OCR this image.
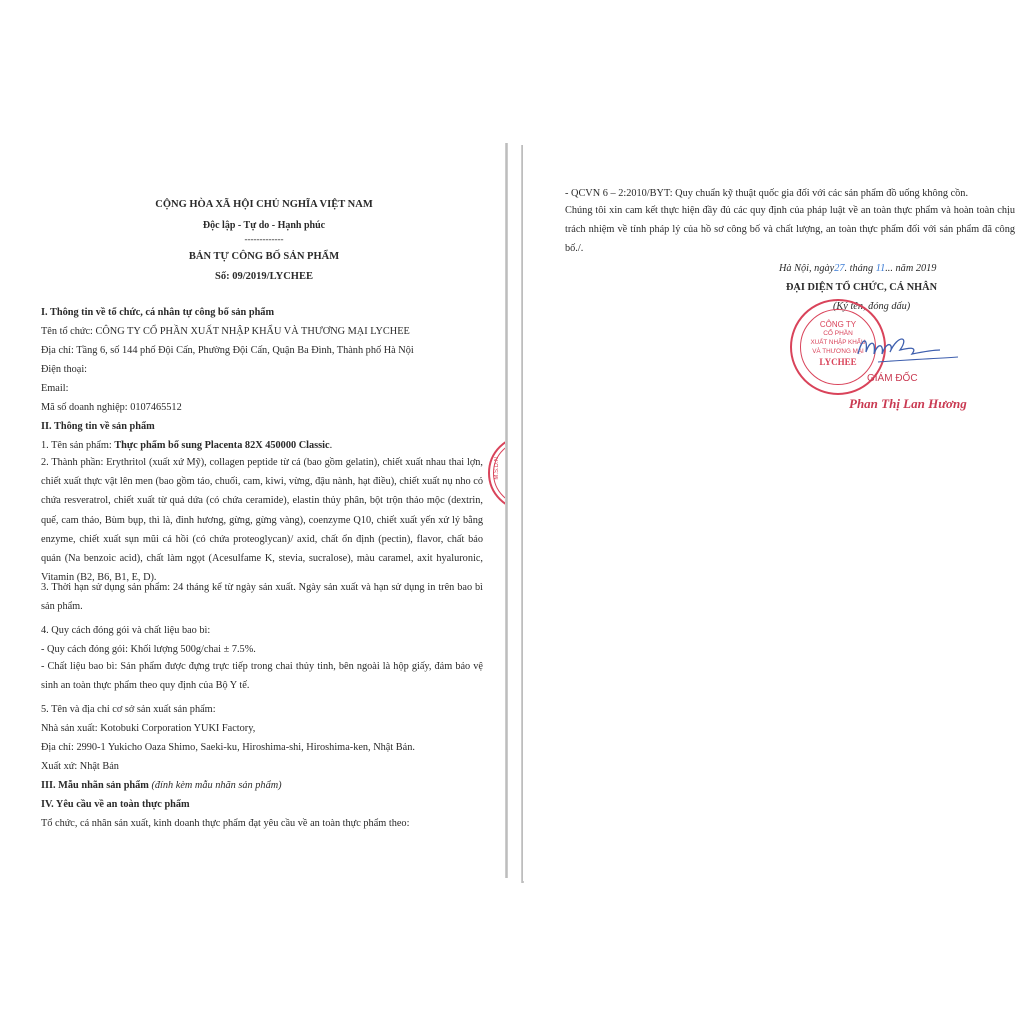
CỘNG HÒA XÃ HỘI CHỦ NGHĨA VIỆT NAM
Độc lập - Tự do - Hạnh phúc
-------------
BẢN TỰ CÔNG BỐ SẢN PHẨM
Số: 09/2019/LYCHEE
I. Thông tin về tổ chức, cá nhân tự công bố sản phẩm
Tên tổ chức: CÔNG TY CỔ PHẦN XUẤT NHẬP KHẨU VÀ THƯƠNG MẠI LYCHEE
Địa chỉ: Tầng 6, số 144 phố Đội Cấn, Phường Đội Cấn, Quận Ba Đình, Thành phố Hà Nội
Điện thoại:
Email:
Mã số doanh nghiệp: 0107465512
II. Thông tin về sản phẩm
1. Tên sản phẩm: Thực phẩm bổ sung Placenta 82X 450000 Classic.
2. Thành phần: Erythritol (xuất xứ Mỹ), collagen peptide từ cá (bao gồm gelatin), chiết xuất nhau thai lợn, chiết xuất thực vật lên men (bao gồm táo, chuối, cam, kiwi, vừng, đậu nành, hạt điều), chiết xuất nụ nho có chứa resveratrol, chiết xuất từ quả dứa (có chứa ceramide), elastin thủy phân, bột trộn thảo mộc (dextrin, quế, cam thảo, Bùm bụp, thì là, đinh hương, gừng, gừng vàng), coenzyme Q10, chiết xuất yến xử lý bằng enzyme, chiết xuất sụn mũi cá hồi (có chứa proteoglycan)/ axid, chất ổn định (pectin), flavor, chất bảo quản (Na benzoic acid), chất làm ngọt (Acesulfame K, stevia, sucralose), màu caramel, axit hyaluronic, Vitamin (B2, B6, B1, E, D).
3. Thời hạn sử dụng sản phẩm: 24 tháng kể từ ngày sản xuất. Ngày sản xuất và hạn sử dụng in trên bao bì sản phẩm.
4. Quy cách đóng gói và chất liệu bao bì:
- Quy cách đóng gói: Khối lượng 500g/chai ± 7.5%.
- Chất liệu bao bì: Sản phẩm được đựng trực tiếp trong chai thủy tinh, bên ngoài là hộp giấy, đảm bảo vệ sinh an toàn thực phẩm theo quy định của Bộ Y tế.
5. Tên và địa chỉ cơ sở sản xuất sản phẩm:
Nhà sản xuất: Kotobuki Corporation YUKI Factory,
Địa chỉ: 2990-1 Yukicho Oaza Shimo, Saeki-ku, Hiroshima-shi, Hiroshima-ken, Nhật Bản.
Xuất xứ: Nhật Bản
III. Mẫu nhãn sản phẩm (đính kèm mẫu nhãn sản phẩm)
IV. Yêu cầu về an toàn thực phẩm
Tổ chức, cá nhân sản xuất, kinh doanh thực phẩm đạt yêu cầu về an toàn thực phẩm theo:
M.S.D.N
- QCVN 6 – 2:2010/BYT: Quy chuẩn kỹ thuật quốc gia đối với các sản phẩm đồ uống không cồn.
Chúng tôi xin cam kết thực hiện đầy đủ các quy định của pháp luật về an toàn thực phẩm và hoàn toàn chịu trách nhiệm về tính pháp lý của hồ sơ công bố và chất lượng, an toàn thực phẩm đối với sản phẩm đã công bố./.
Hà Nội, ngày27. tháng 11... năm 2019
ĐẠI DIỆN TỔ CHỨC, CÁ NHÂN
(Ký tên, đóng dấu)
CÔNG TY
CỔ PHẦN
XUẤT NHẬP KHẨU
VÀ THƯƠNG MẠI
LYCHEE
GIÁM ĐỐC
Phan Thị Lan Hương
